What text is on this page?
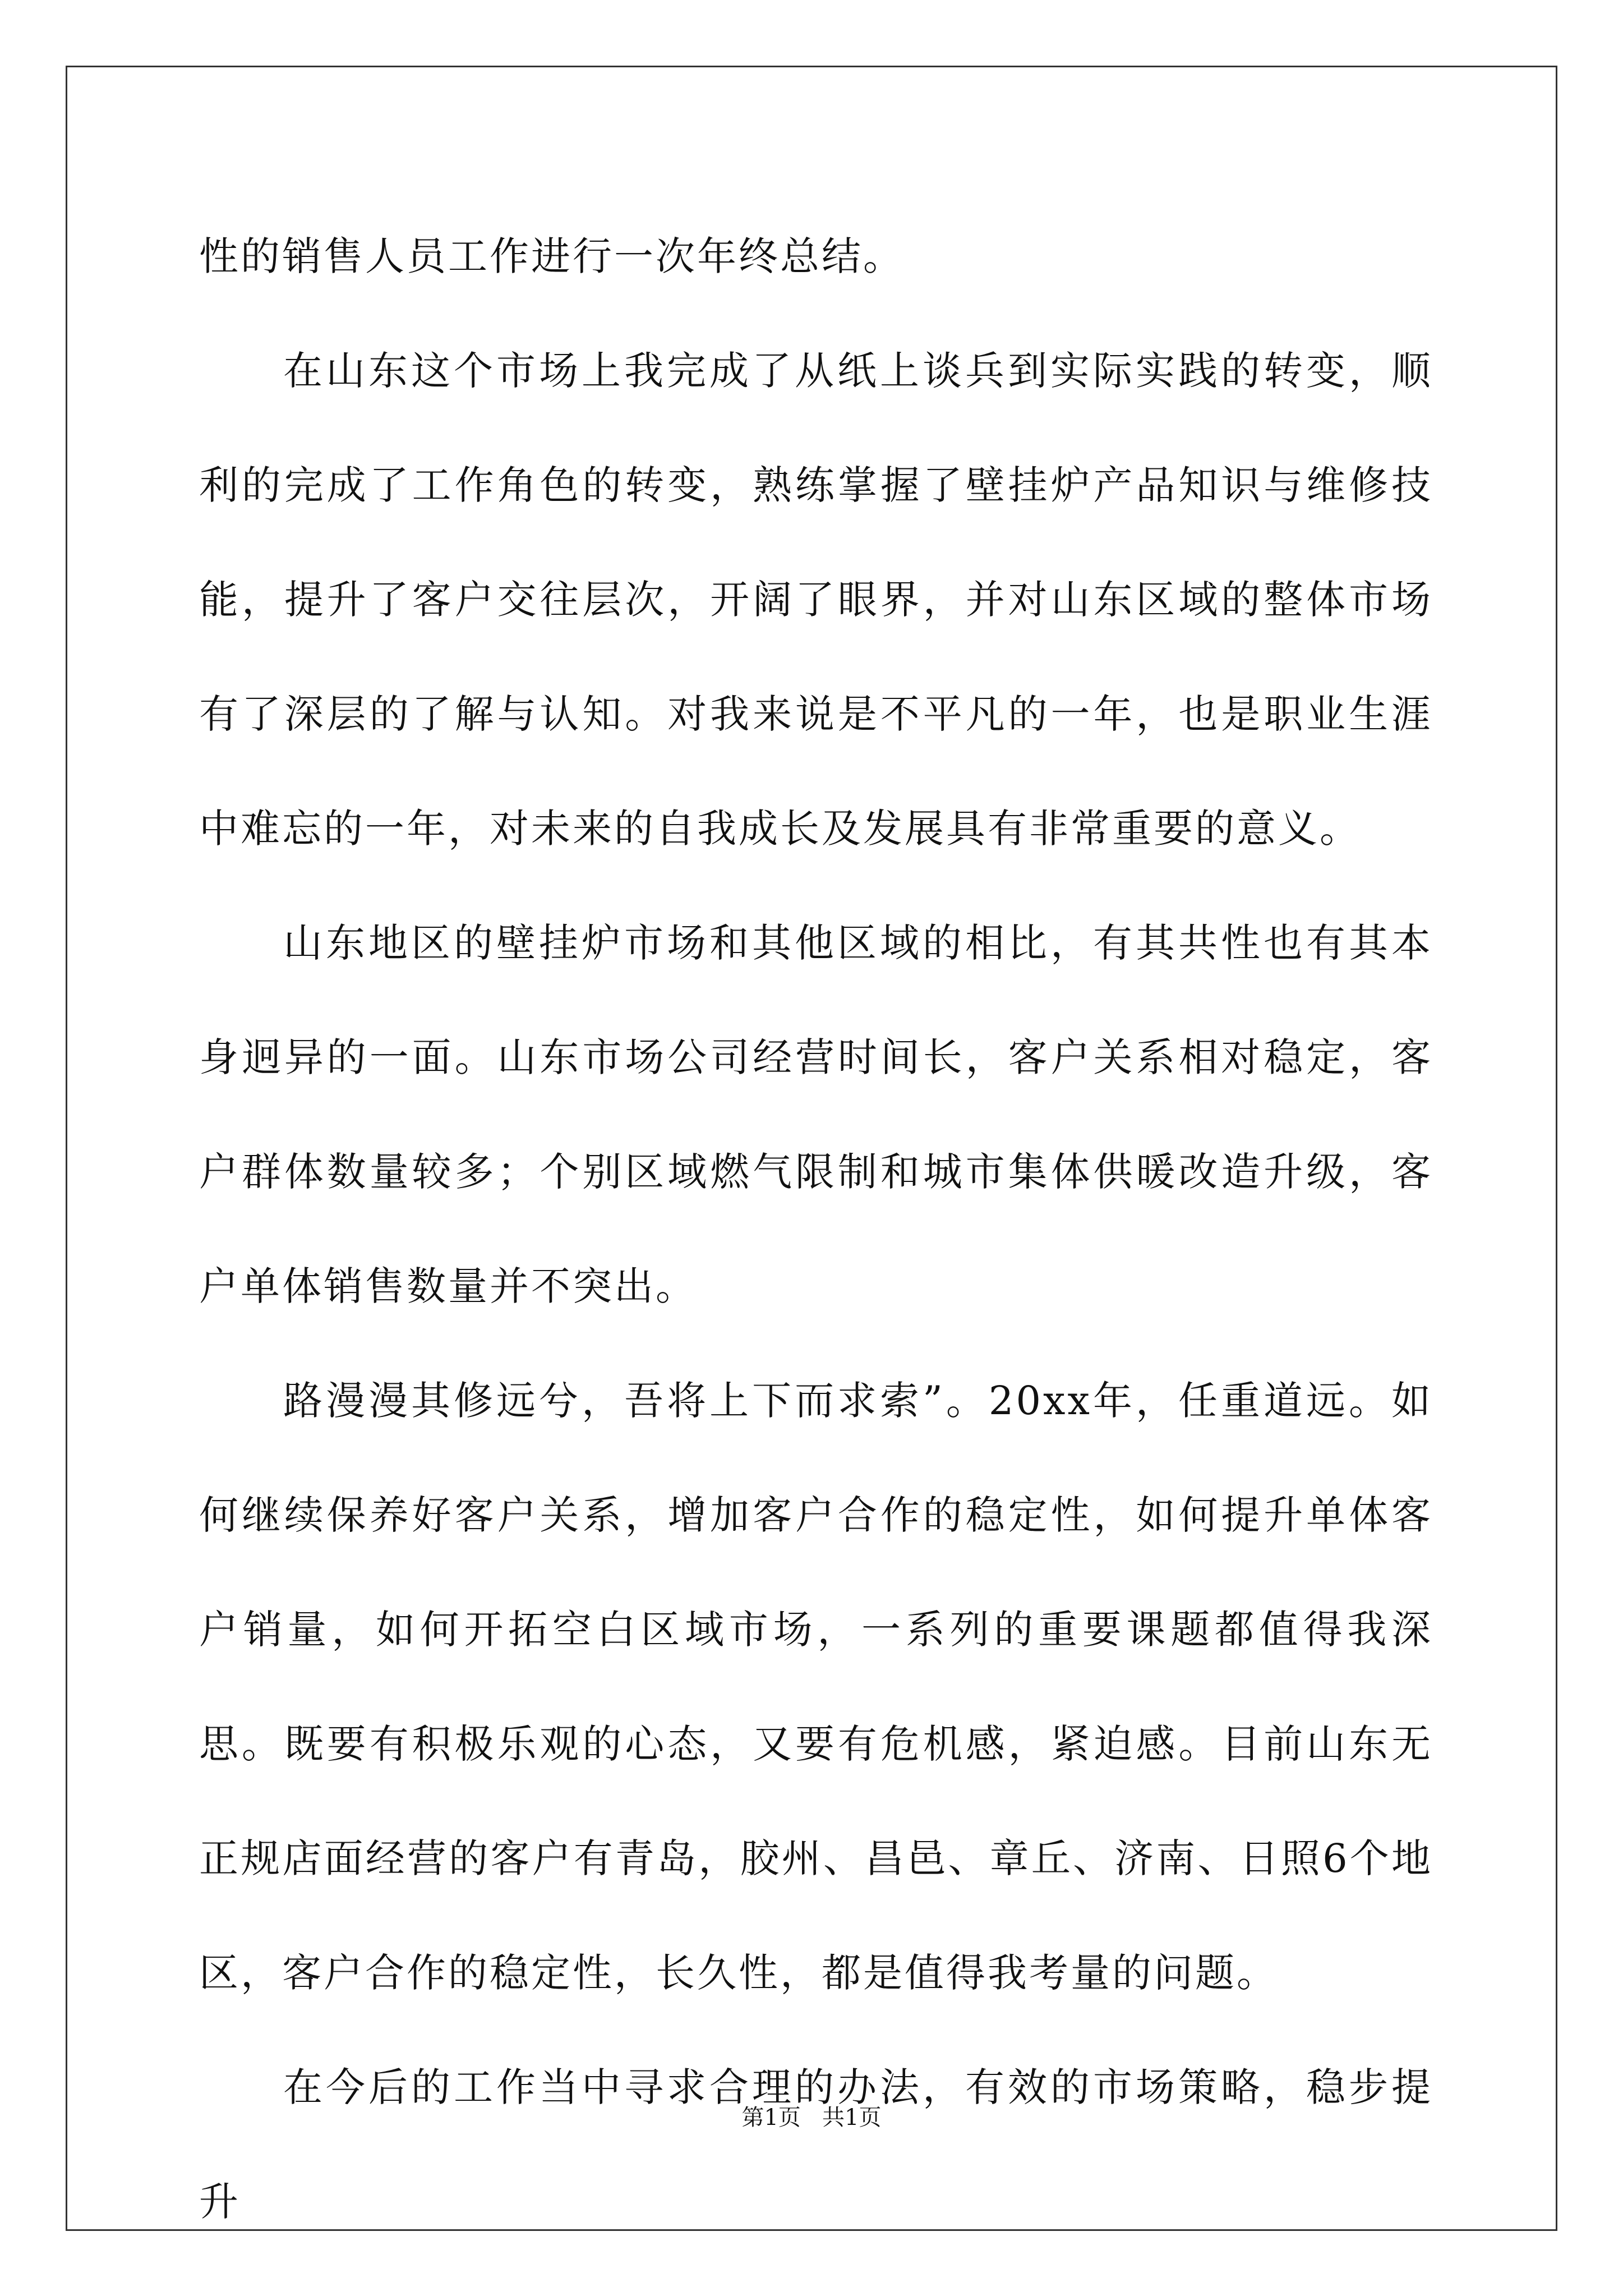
性的销售人员工作进行一次年终总结。

在山东这个市场上我完成了从纸上谈兵到实际实践的转变，顺利的完成了工作角色的转变，熟练掌握了壁挂炉产品知识与维修技能，提升了客户交往层次，开阔了眼界，并对山东区域的整体市场有了深层的了解与认知。对我来说是不平凡的一年，也是职业生涯中难忘的一年，对未来的自我成长及发展具有非常重要的意义。

山东地区的壁挂炉市场和其他区域的相比，有其共性也有其本身迥异的一面。山东市场公司经营时间长，客户关系相对稳定，客户群体数量较多；个别区域燃气限制和城市集体供暖改造升级，客户单体销售数量并不突出。

路漫漫其修远兮，吾将上下而求索”。20xx年，任重道远。如何继续保养好客户关系，增加客户合作的稳定性，如何提升单体客户销量，如何开拓空白区域市场，一系列的重要课题都值得我深思。既要有积极乐观的心态，又要有危机感，紧迫感。目前山东无正规店面经营的客户有青岛，胶州、昌邑、章丘、济南、日照6个地区，客户合作的稳定性，长久性，都是值得我考量的问题。

在今后的工作当中寻求合理的办法，有效的市场策略，稳步提升

第1页   共1页
